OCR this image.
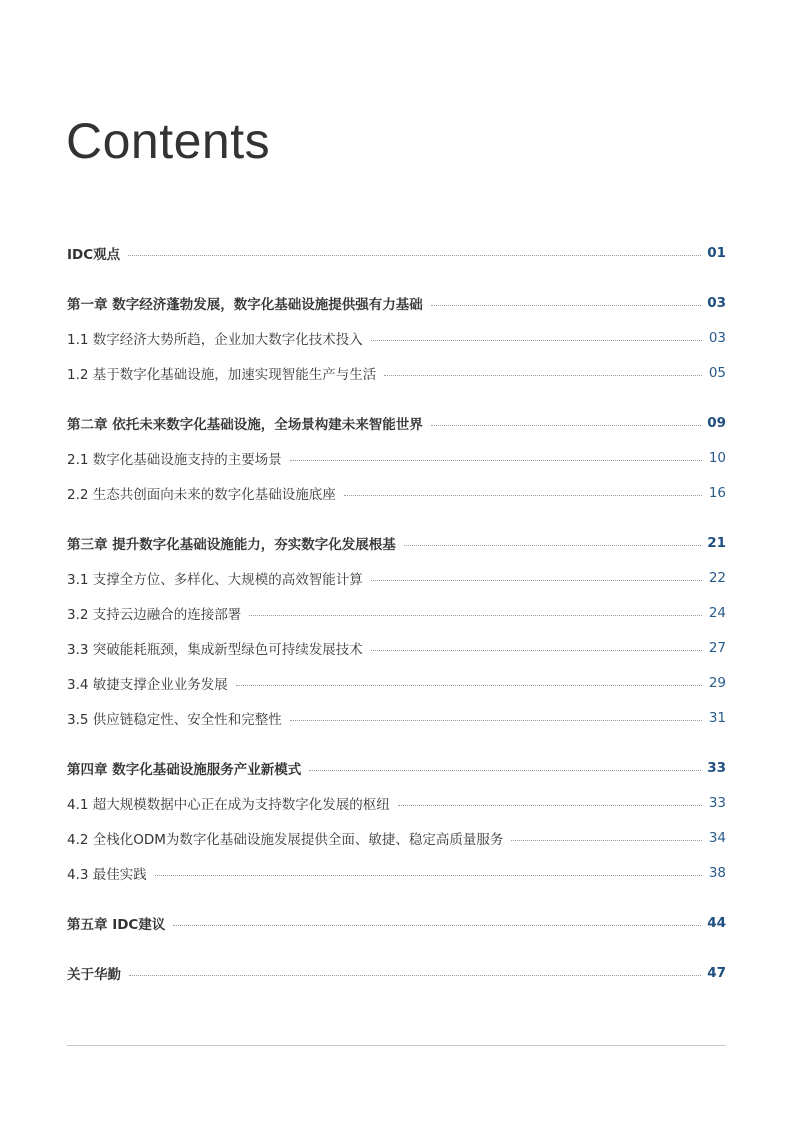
Contents
IDC观点	01
第一章 数字经济蓬勃发展，数字化基础设施提供强有力基础	03
1.1 数字经济大势所趋，企业加大数字化技术投入	03
1.2 基于数字化基础设施，加速实现智能生产与生活	05
第二章 依托未来数字化基础设施，全场景构建未来智能世界	09
2.1 数字化基础设施支持的主要场景	10
2.2 生态共创面向未来的数字化基础设施底座	16
第三章 提升数字化基础设施能力，夯实数字化发展根基	21
3.1 支撑全方位、多样化、大规模的高效智能计算	22
3.2 支持云边融合的连接部署	24
3.3 突破能耗瓶颈，集成新型绿色可持续发展技术	27
3.4 敏捷支撑企业业务发展	29
3.5 供应链稳定性、安全性和完整性	31
第四章 数字化基础设施服务产业新模式	33
4.1 超大规模数据中心正在成为支持数字化发展的枢纽	33
4.2 全栈化ODM为数字化基础设施发展提供全面、敏捷、稳定高质量服务	34
4.3 最佳实践	38
第五章 IDC建议	44
关于华勤	47
